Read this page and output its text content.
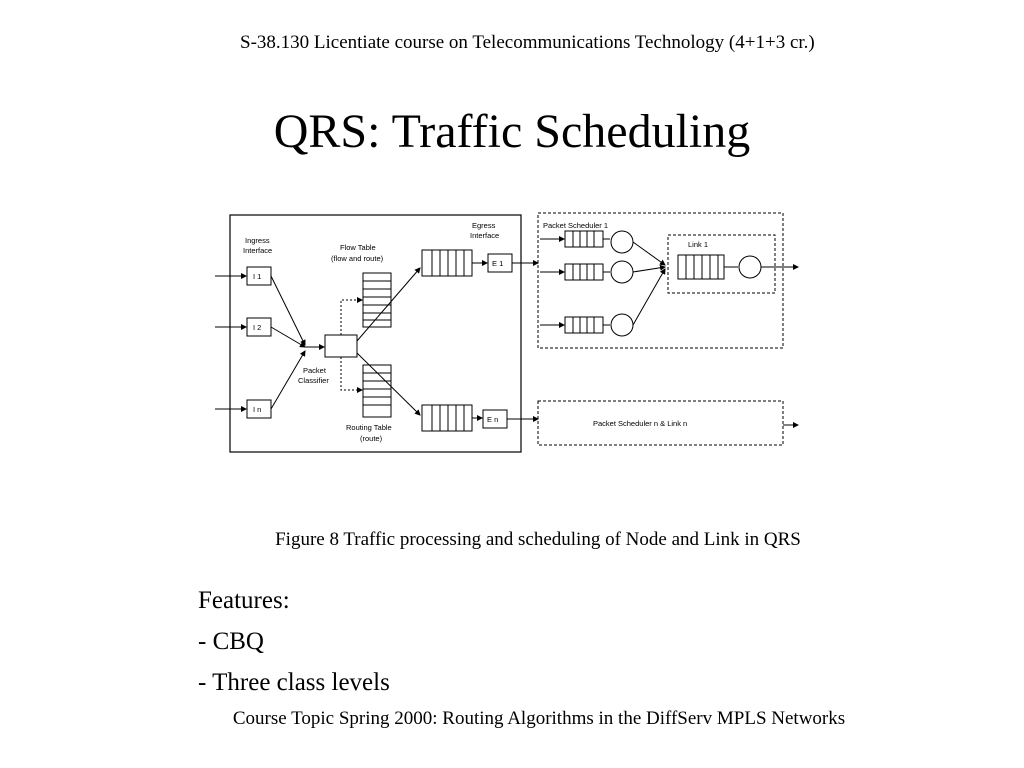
S-38.130 Licentiate course on Telecommunications Technology (4+1+3 cr.)
QRS: Traffic Scheduling
Ingress
Interface
I 1
I 2
I n
Packet
Classifier
Flow Table
(flow and route)
Routing Table
(route)
Egress
Interface
E 1
E n
Packet Scheduler 1
Link 1
Packet Scheduler n & Link n
Figure 8 Traffic processing and scheduling of Node and Link in QRS
Features:
- CBQ
- Three class levels
Course Topic Spring 2000: Routing Algorithms in the DiffServ MPLS Networks
